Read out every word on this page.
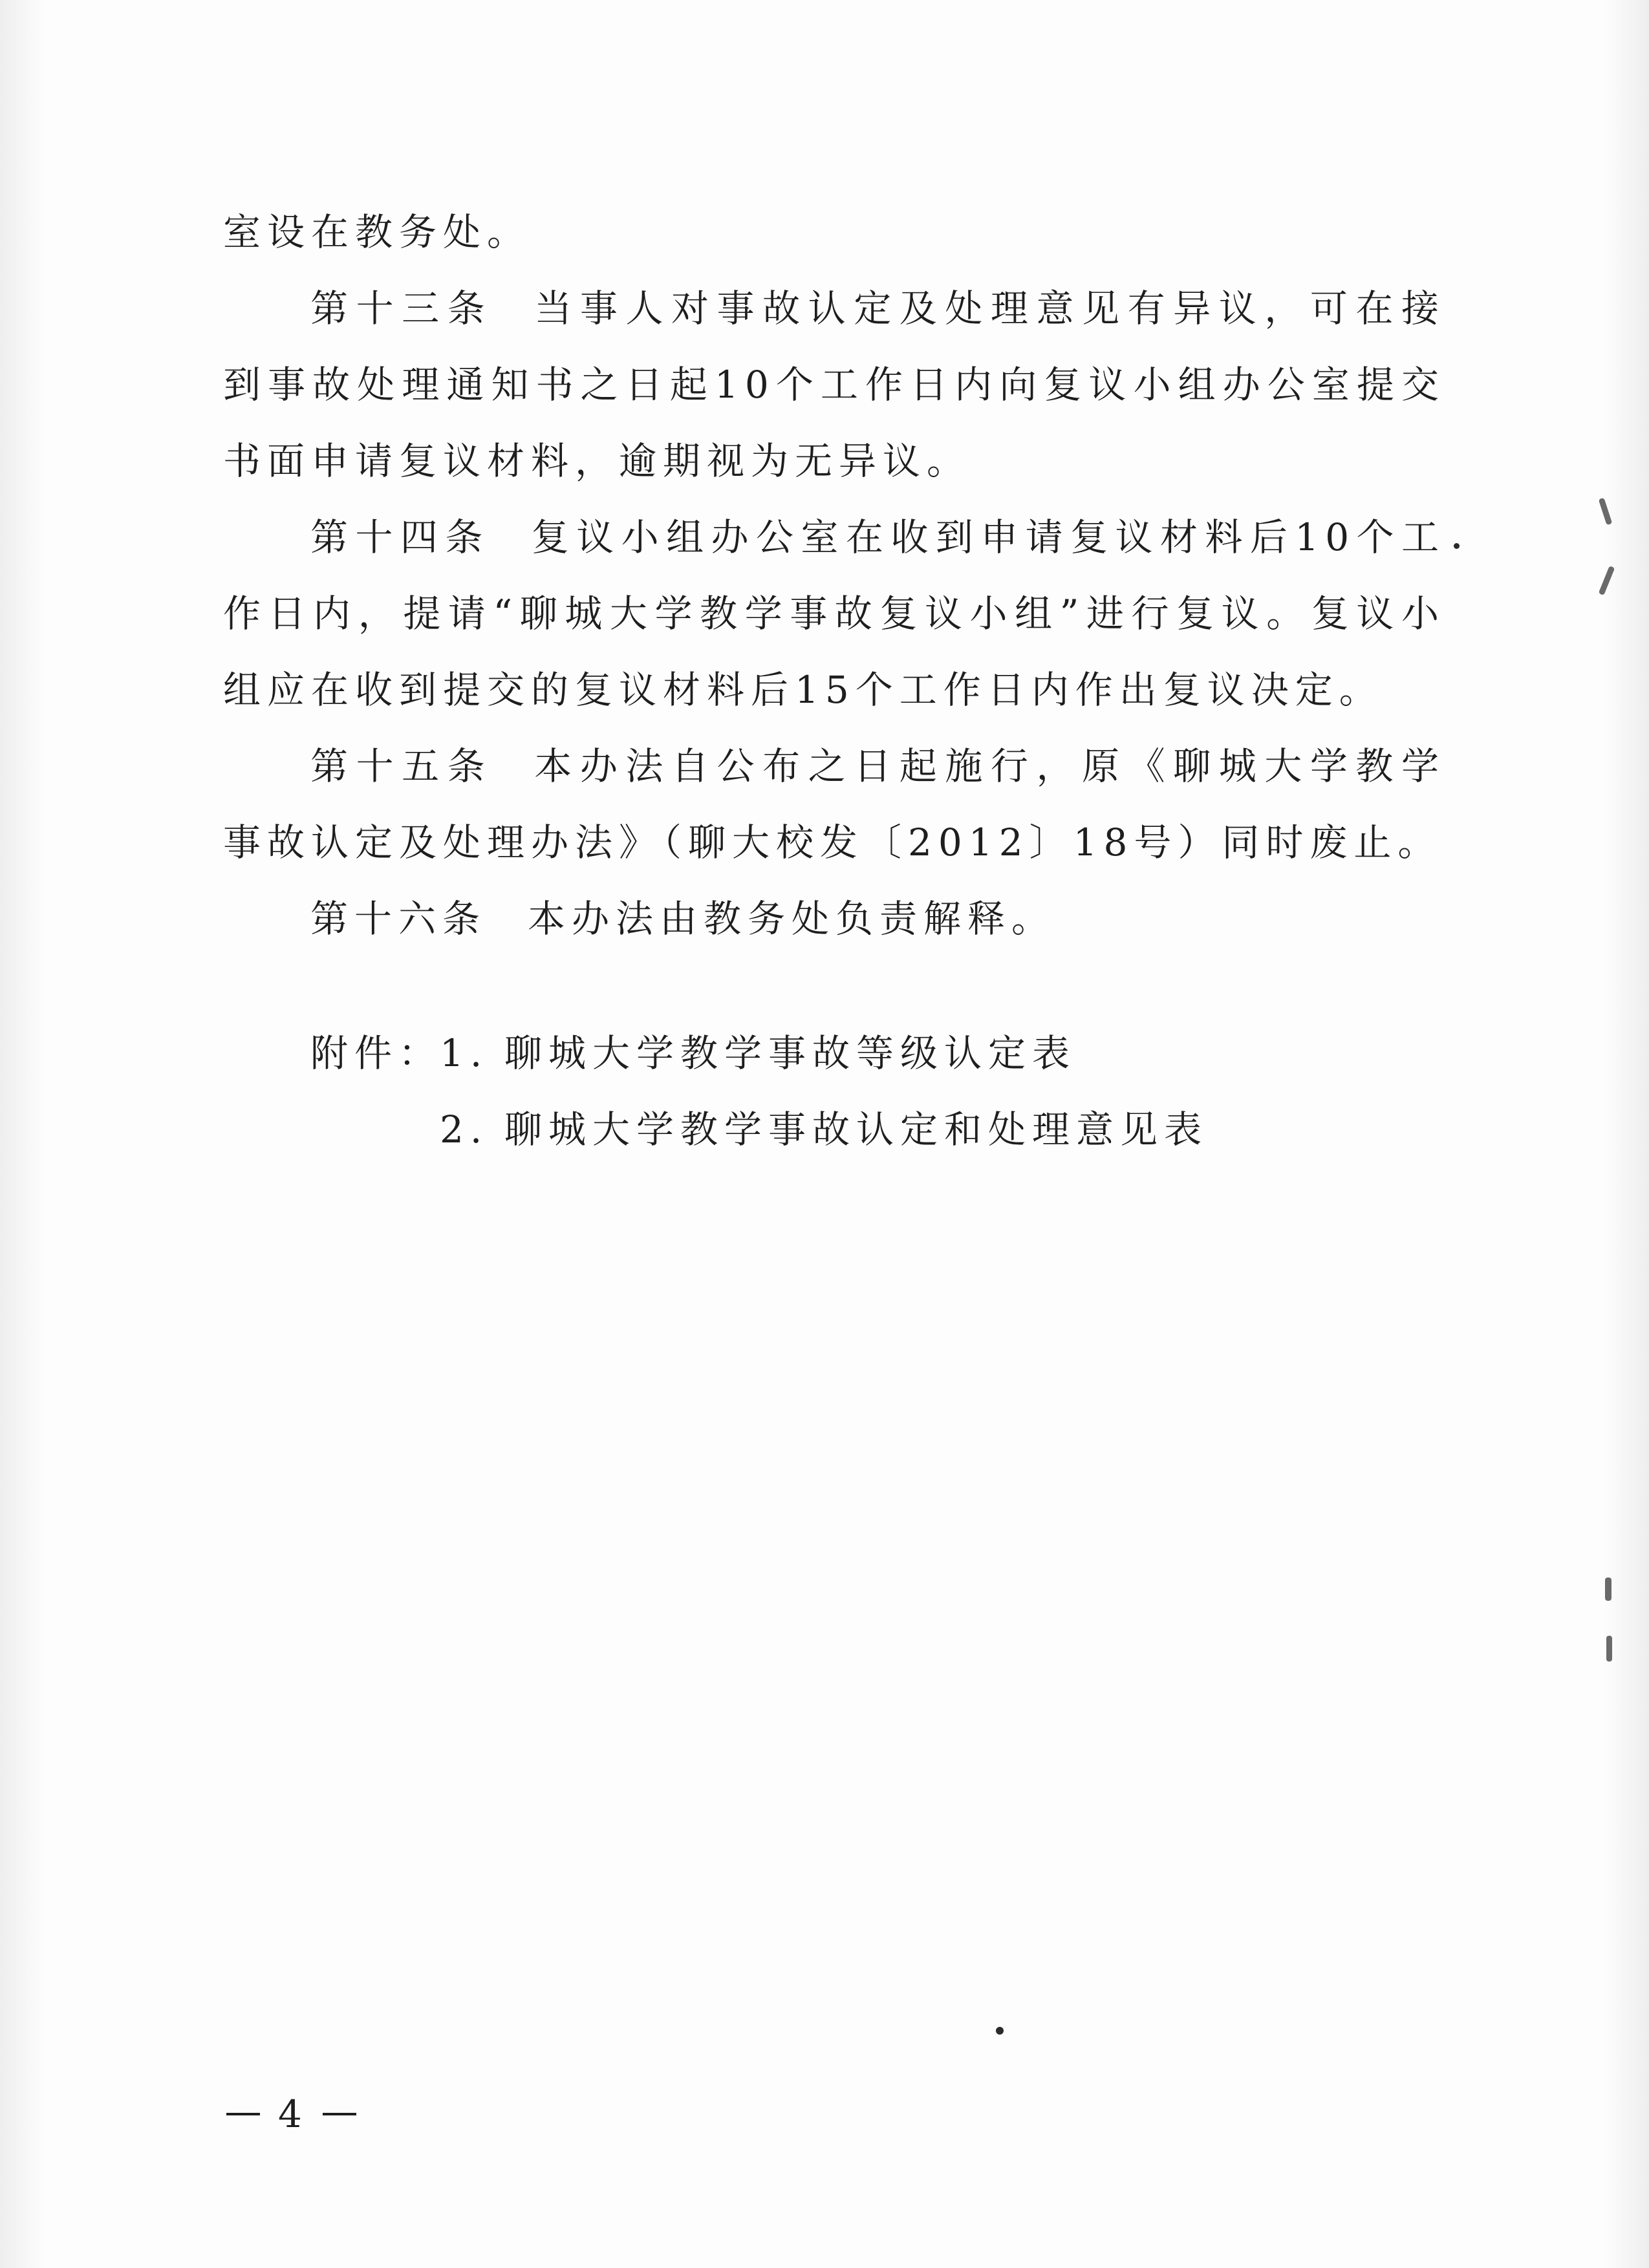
室设在教务处。

第十三条 当事人对事故认定及处理意见有异议，可在接到事故处理通知书之日起10个工作日内向复议小组办公室提交书面申请复议材料，逾期视为无异议。

第十四条 复议小组办公室在收到申请复议材料后10个工作日内，提请“聊城大学教学事故复议小组”进行复议。复议小组应在收到提交的复议材料后15个工作日内作出复议决定。

第十五条 本办法自公布之日起施行，原《聊城大学教学事故认定及处理办法》（聊大校发〔2012〕18号）同时废止。

第十六条 本办法由教务处负责解释。

附件：
1. 聊城大学教学事故等级认定表
2. 聊城大学教学事故认定和处理意见表
4
